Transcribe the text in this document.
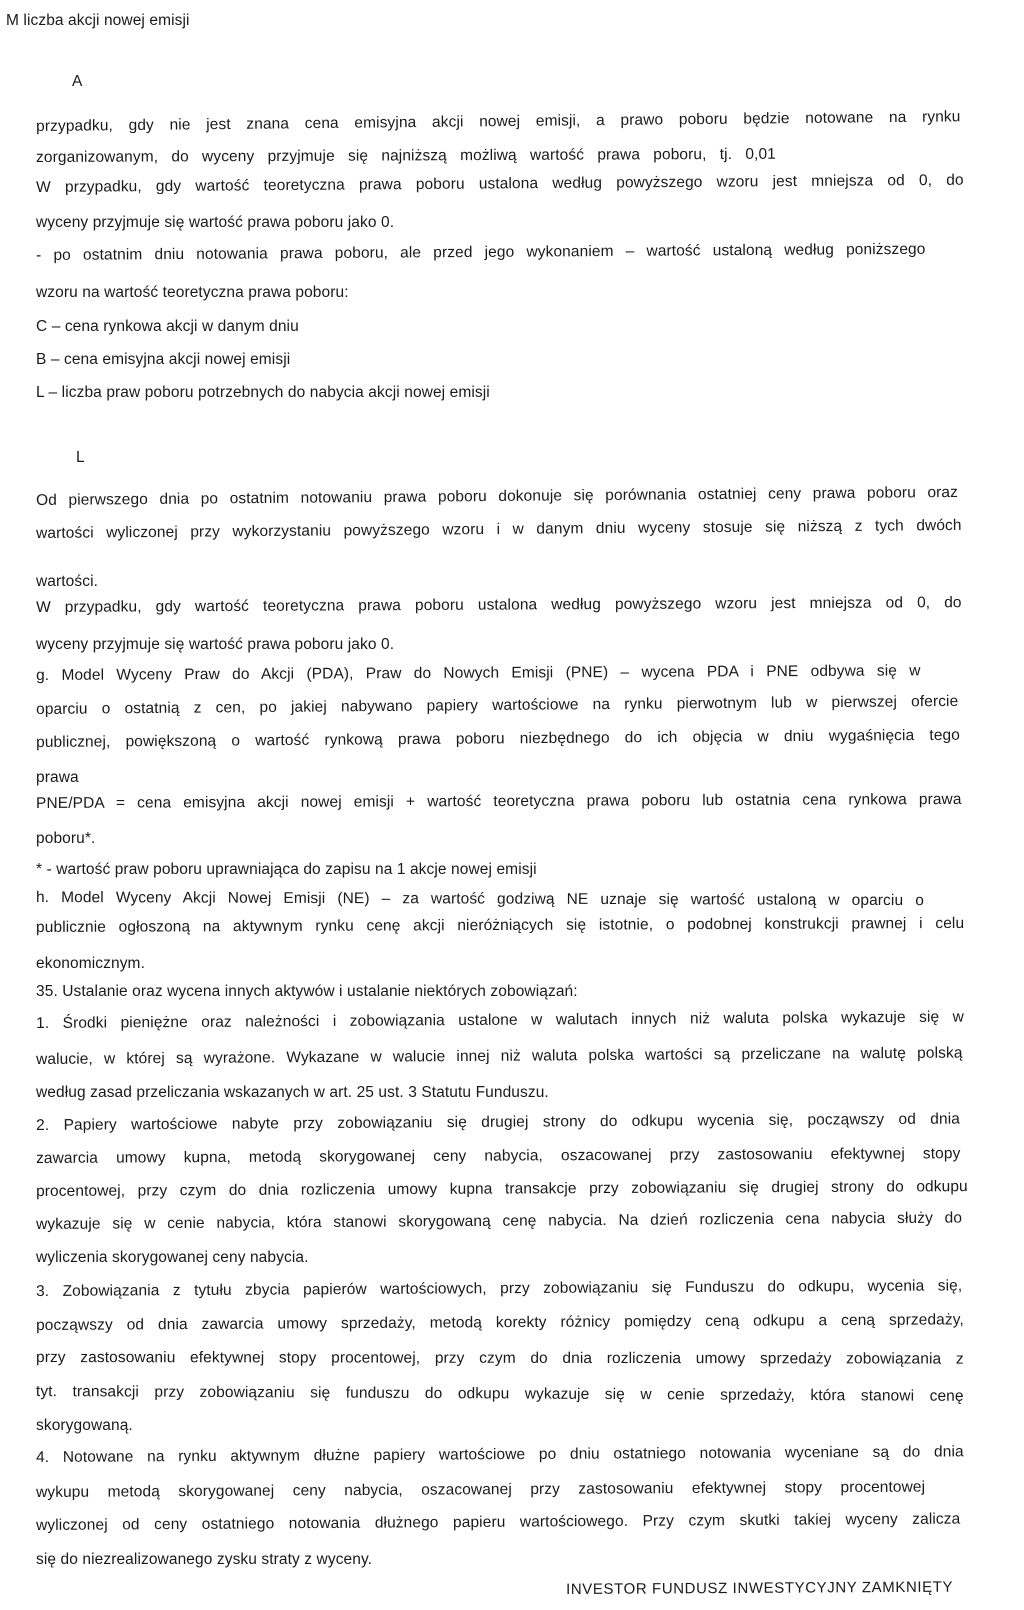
M liczba akcji nowej emisji
A
przypadku, gdy nie jest znana cena emisyjna akcji nowej emisji, a prawo poboru będzie notowane na rynku
zorganizowanym, do wyceny przyjmuje się najniższą możliwą wartość prawa poboru, tj. 0,01
W przypadku, gdy wartość teoretyczna prawa poboru ustalona według powyższego wzoru jest mniejsza od 0, do
wyceny przyjmuje się wartość prawa poboru jako 0.
- po ostatnim dniu notowania prawa poboru, ale przed jego wykonaniem – wartość ustaloną według poniższego
wzoru na wartość teoretyczna prawa poboru:
C – cena rynkowa akcji w danym dniu
B – cena emisyjna akcji nowej emisji
L – liczba praw poboru potrzebnych do nabycia akcji nowej emisji
L
Od pierwszego dnia po ostatnim notowaniu prawa poboru dokonuje się porównania ostatniej ceny prawa poboru oraz
wartości wyliczonej przy wykorzystaniu powyższego wzoru i w danym dniu wyceny stosuje się niższą z tych dwóch
wartości.
W przypadku, gdy wartość teoretyczna prawa poboru ustalona według powyższego wzoru jest mniejsza od 0, do
wyceny przyjmuje się wartość prawa poboru jako 0.
g. Model Wyceny Praw do Akcji (PDA), Praw do Nowych Emisji (PNE) – wycena PDA i PNE odbywa się w
oparciu o ostatnią z cen, po jakiej nabywano papiery wartościowe na rynku pierwotnym lub w pierwszej ofercie
publicznej, powiększoną o wartość rynkową prawa poboru niezbędnego do ich objęcia w dniu wygaśnięcia tego
prawa
PNE/PDA = cena emisyjna akcji nowej emisji + wartość teoretyczna prawa poboru lub ostatnia cena rynkowa prawa
poboru*.
* - wartość praw poboru uprawniająca do zapisu na 1 akcje nowej emisji
h. Model Wyceny Akcji Nowej Emisji (NE) – za wartość godziwą NE uznaje się wartość ustaloną w oparciu o
publicznie ogłoszoną na aktywnym rynku cenę akcji nieróżniących się istotnie, o podobnej konstrukcji prawnej i celu
ekonomicznym.
35. Ustalanie oraz wycena innych aktywów i ustalanie niektórych zobowiązań:
1. Środki pieniężne oraz należności i zobowiązania ustalone w walutach innych niż waluta polska wykazuje się w
walucie, w której są wyrażone. Wykazane w walucie innej niż waluta polska wartości są przeliczane na walutę polską
według zasad przeliczania wskazanych w art. 25 ust. 3 Statutu Funduszu.
2. Papiery wartościowe nabyte przy zobowiązaniu się drugiej strony do odkupu wycenia się, począwszy od dnia
zawarcia umowy kupna, metodą skorygowanej ceny nabycia, oszacowanej przy zastosowaniu efektywnej stopy
procentowej, przy czym do dnia rozliczenia umowy kupna transakcje przy zobowiązaniu się drugiej strony do odkupu
wykazuje się w cenie nabycia, która stanowi skorygowaną cenę nabycia. Na dzień rozliczenia cena nabycia służy do
wyliczenia skorygowanej ceny nabycia.
3. Zobowiązania z tytułu zbycia papierów wartościowych, przy zobowiązaniu się Funduszu do odkupu, wycenia się,
począwszy od dnia zawarcia umowy sprzedaży, metodą korekty różnicy pomiędzy ceną odkupu a ceną sprzedaży,
przy zastosowaniu efektywnej stopy procentowej, przy czym do dnia rozliczenia umowy sprzedaży zobowiązania z
tyt. transakcji przy zobowiązaniu się funduszu do odkupu wykazuje się w cenie sprzedaży, która stanowi cenę
skorygowaną.
4. Notowane na rynku aktywnym dłużne papiery wartościowe po dniu ostatniego notowania wyceniane są do dnia
wykupu metodą skorygowanej ceny nabycia, oszacowanej przy zastosowaniu efektywnej stopy procentowej
wyliczonej od ceny ostatniego notowania dłużnego papieru wartościowego. Przy czym skutki takiej wyceny zalicza
się do niezrealizowanego zysku straty z wyceny.
INVESTOR FUNDUSZ INWESTYCYJNY ZAMKNIĘTY
